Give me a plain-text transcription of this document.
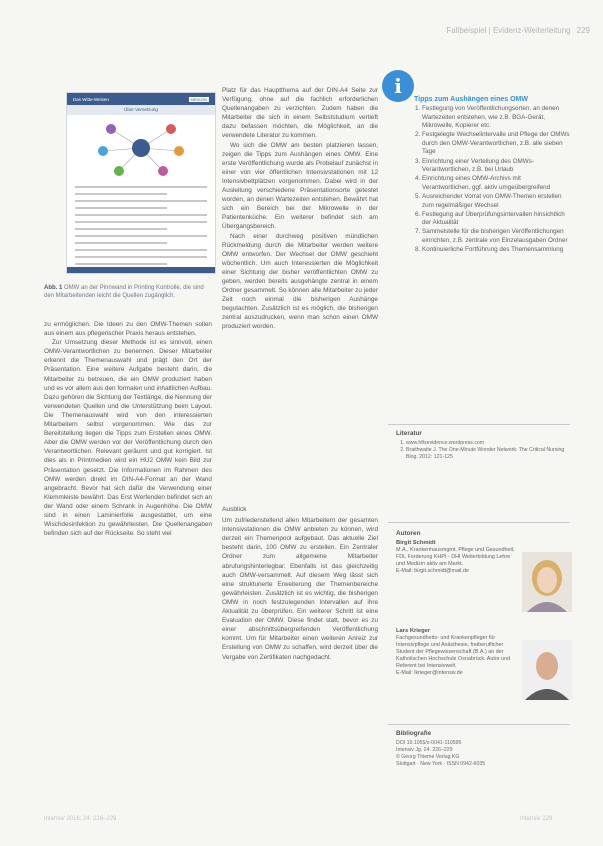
Fallbeispiel | Evidenz-Weiterleitung 229
Das Witte-Weisen	MEDIZIN
Über Vernetzung
Abb. 1 OMW an der Pinnwand in Printing Kontrolle, die sind den Mitarbeitenden leicht die Quellen zugänglich.

zu ermöglichen. Die Ideen zu den OMW-Themen sollen aus einem aus pflegerischer Praxis heraus entstehen.

Zur Umsetzung dieser Methode ist es sinnvoll, einen OMW-Verantwortlichen zu benennen. Dieser Mitarbeiter erkennt die Themenauswahl und prägt den Ort der Präsentation. Eine weitere Aufgabe besteht darin, die Mitarbeiter zu betreuen, die ein OMW produziert haben und es vor allem aus den formalen und inhaltlichen Aufbau. Dazu gehören die Sichtung der Textlänge, die Nennung der verwendeten Quellen und die Unterstützung beim Layout. Die Themenauswahl wird von den interessierten Mitarbeitern selbst vorgenommen. Wie das zur Bereitstellung liegen die Tipps zum Erstellen eines OMW. Aber die OMW werden vor der Veröffentlichung durch den Verantwortlichen. Relevant geräumt und gut korrigiert. Ist dies als in Printmedien wird ein HU2 OMW kein Bild zur Präsentation gesetzt. Die Informationen im Rahmen des OMW werden direkt im DIN-A4-Format an der Wand angebracht. Bevor hat sich dafür die Verwendung einer Klemmleiste bewährt. Das Erst Werfenden befindet sich an der Wand oder einem Schrank in Augenhöhe. Die OMW sind in einen Laminierfolie ausgestattet, um eine Wischdesinfektion zu gewährleisten. Die Quellenangaben befinden sich auf der Rückseite. So steht viel

Platz für das Hauptthema auf der DIN-A4 Seite zur Verfügung, ohne auf die fachlich erforderlichen Quellenangaben zu verzichten. Zudem haben die Mitarbeiter die sich in einem Selbststudium vertieft dazu befassen möchten, die Möglichkeit, an die verwendete Literatur zu kommen.

Wo sich die OMW am besten platzieren lassen, zeigen die Tipps zum Aushängen eines OMW. Eine erste Veröffentlichung wurde als Probelauf zunächst in einer von vier öffentlichen Intensivstationen mit 12 Intensivbettplätzen vorgenommen. Dabei wird in der Ausleitung verschiedene Präsentationsorte getestet worden, an denen Wartezeiten entstehen. Bewährt hat sich ein Bereich bei der Mikrowelle in der Patientenküche. Ein weiterer befindet sich am Übergangsbereich.

Nach einer durchweg positiven mündlichen Rückmeldung durch die Mitarbeiter werden weitere OMW entworfen. Der Wechsel der OMW geschieht wöchentlich. Um auch Interessierten die Möglichkeit einer Sichtung der bisher veröffentlichten OMW zu geben, werden bereits ausgehängte zentral in einem Ordner gesammelt. So können alle Mitarbeiter zu jeder Zeit noch einmal die bisherigen Aushänge begutachten. Zusätzlich ist es möglich, die bisherigen zentral auszudrucken, wenn man schon einen OMW produziert worden.

Ausblick

Um zufriedenstellend allen Mitarbeitern der gesamten Intensivstationen die OMW anbieten zu können, wird derzeit ein Themenpool aufgebaut. Das aktuelle Ziel besteht darin, 100 OMW zu erstellen. Ein Zentraler Ordner zum allgemeine Mitarbeiter abrufungshinterlegbar. Ebenfalls ist das gleichzeitig auch OMW-versammelt. Auf diesem Weg lässt sich eine strukturierte Erweiterung der Themenbereiche gewährleisten. Zusätzlich ist es wichtig, die bisherigen OMW in noch festzulegenden Intervallen auf ihre Aktualität zu überprüfen. Ein weiterer Schritt ist eine Evaluation der OMW. Diese findet statt, bevor es zu einer abschnittsübergreifenden Veröffentlichung kommt. Um für Mitarbeiter einen weiteren Anreiz zur Erstellung von OMW zu schaffen, wird derzeit über die Vergabe von Zertifikaten nachgedacht.

i
Tipps zum Aushängen eines OMW
1. Festlegung von Veröffentlichungsorten, an denen Wartezeiten entstehen, wie z.B. BGA-Gerät, Mikrowelle, Kopierer etc.
2. Festgelegte Wechselintervalle und Pflege der OMWs durch den OMW-Verantwortlichen, z.B. alle sieben Tage
3. Einrichtung einer Verteilung des OMWs-Verantwortlichen, z.B. bei Urlaub
4. Einrichtung eines OMW-Archivs mit Verantwortlichen, ggf. aktiv umgeübergreifend
5. Ausreichender Vorrat von OMW-Themen erstellen zum regelmäßiger Wechsel
6. Festlegung auf Überprüfungsintervallen hinsichtlich der Aktualität
7. Sammelstelle für die bisherigen Veröffentlichungen einrichten, z.B. zentrale von Einzelausgaben Ordner
8. Kontinuierliche Fortführung des Themensammlung
Literatur
1. www.hftsevidence.wordpress.com
2. Braithwaite J. The One-Minute Wonder Network: The Critical Nursing Blog. 2012: 121-125
Autoren
Birgit Schmidt
M.A., Krankenhausmgmt. Pflege und Gesundheit, FDL Forderung KHPI - DHI Weiterbildung Lehre und Medizin aktiv am Markt.
E-Mail: birgit.schmidt@mail.de
Lars Krieger
Fachgesundheits- und Krankenpfleger für Intensivpflege und Anästhesie, freiberuflicher Student der Pflegewissenschaft (B.A.) an der Katholischen Hochschule Osnabrück. Autor und Referent bei Intensivwelt.
E-Mail: lkrieger@intensiv.de
Bibliografie
DOI 10.1055/s-0041-110595
Intensiv Jg. 24: 226–229
© Georg Thieme Verlag KG
Stuttgart · New York · ISSN 0942-6035
Intensiv 2016; 24: 226–229	Intensiv 229
